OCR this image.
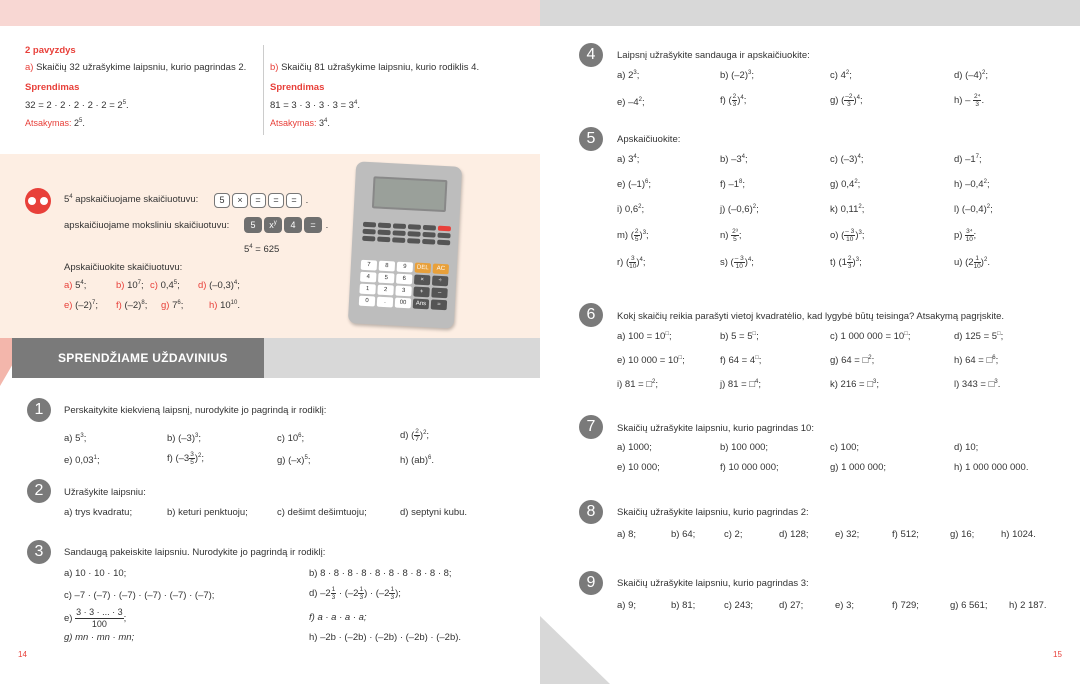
2 pavyzdys
a) Skaičių 32 užrašykime laipsniu, kurio pagrindas 2. b) Skaičių 81 užrašykime laipsniu, kurio rodiklis 4.
Sprendimas	Sprendimas
$32 = 2 \cdot 2 \cdot 2 \cdot 2 \cdot 2 = 2^5$.	$81 = 3 \cdot 3 \cdot 3 \cdot 3 = 3^4$.
Atsakymas: $2^5$.	Atsakymas: $3^4$.
$5^4$ apskaičiuojame skaičiuotuvu:	5 × = = = .
apskaičiuojame moksliniu skaičiuotuvu:	5 $x^y$ 4 = .
$5^4 = 625$
Apskaičiuokite skaičiuotuvu:
a) $5^4$;	b) $10^7$; c) $0,4^5$; d) $(-0,3)^4$;
e) $(-2)^7$; f) $(-2)^8$; g) $7^6$;	h) $10^{10}$.
7	8	9	DEL	AC
4	5	6	×	÷
1	2	3	+	–
0	.	00	Ans	=
SPRENDŽIAME UŽDAVINIUS
1	Perskaitykite kiekvieną laipsnį, nurodykite jo pagrindą ir rodiklį:
a) $5^3$;	b) $(-3)^3$;	c) $10^6$;	d) ( $\frac{2}{7} )^2$;
e) 0,03$^1$;	f) $(-3 \frac{3}{5} )^2$;	g) $(-x)^5$;	h) (ab)$^6$.
2	Užrašykite laipsniu:
a) trys kvadratu;	b) keturi penktuoju;	c) dešimt dešimtuoju;	d) septyni kubu.
3	Sandaugą pakeiskite laipsniu. Nurodykite jo pagrindą ir rodiklį:
a) 10 · 10 · 10;	b) 8 · 8 · 8 · 8 · 8 · 8 · 8 · 8 · 8 · 8;
c) –7 · (–7) · (–7) · (–7) · (–7) · (–7);	d) $-2 \frac{1}{3} \cdot (-2 \frac{1}{3}$ ) · ($-2 \frac{1}{3}$ );
$e) \frac{3 \cdot 3 \cdot ... \cdot 3}{100}$ ;	f) a · a · a · a;
g) mn · mn · mn;	h) –2b · (–2b) · (–2b) · (–2b) · (–2b).
14
4	Laipsnį užrašykite sandauga ir apskaičiuokite:
a) $2^3$;	b) $(-2)^3$;	c) $4^2$;	d) $(-4)^2$;
e) $-4^2$;	f) ( $\frac{2}{3} )^4$;	g) ( $\frac{-2}{3} )^4$;	$h) - \frac{\text{2⁴}}{3}$ .
5	Apskaičiuokite:
a) $3^4$;	b) $-3^4$;	c) $(-3)^4$;	d) $-1^7$;
e) $(-1)^6$;	f) $-1^8$;	g) $0,4^2$;	h) $-0,4^2$;
i) $0,6^2$;	j) $(-0,6)^2$;	k) 0,11$^2$;	l) $(-0,4)^2$;
m) ( $\frac{2}{5} )^3$;	$n) \frac{\text{2³}}{5}$ ;	o) ( $\frac{- 3}{10} )^3$;	$p) \frac{\text{3⁴}}{10}$ ;
r) ( $\frac{3}{10} )^4$;	s) ( $\frac{- 3}{10} )^4$;	t) $(1 \frac{2}{3} )^3$;	u) $(2 \frac{1}{10} )^2$.
6	Kokį skaičių reikia parašyti vietoj kvadratėlio, kad lygybė būtų teisinga? Atsakymą pagrįskite.
a) 100 = 10□;	b) 5 = 5□;	c) 1 000 000 = 10□;	d) 125 = 5□;
e) 10 000 = 10□;	f) 64 = 4□;	g) 64 = □$^2$;	h) 64 = □$^6$;
i) 81 = □$^2$;	j) 81 = □$^4$;	k) 216 = □$^3$;	l) 343 = □$^3$.
7	Skaičių užrašykite laipsniu, kurio pagrindas 10:
a) 1000;	b) 100 000;	c) 100;	d) 10;
e) 10 000;	f) 10 000 000;	g) 1 000 000;	h) 1 000 000 000.
8	Skaičių užrašykite laipsniu, kurio pagrindas 2:
a) 8;	b) 64;	c) 2;	d) 128;	e) 32;	f) 512;	g) 16;	h) 1024.
9	Skaičių užrašykite laipsniu, kurio pagrindas 3:
a) 9;	b) 81;	c) 243;	d) 27;	e) 3;	f) 729;	g) 6 561; h) 2 187.
15
